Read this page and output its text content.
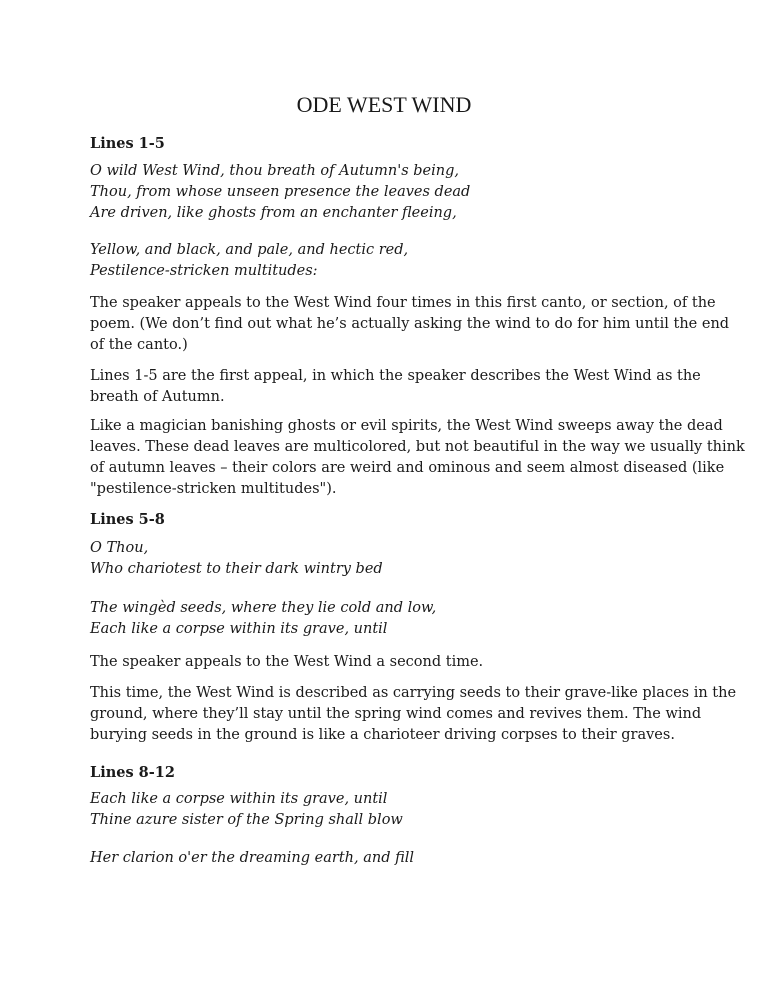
ODE WEST WIND
Lines 1-5
O wild West Wind, thou breath of Autumn's being,
Thou, from whose unseen presence the leaves dead
Are driven, like ghosts from an enchanter fleeing,
Yellow, and black, and pale, and hectic red,
Pestilence-stricken multitudes:
The speaker appeals to the West Wind four times in this first canto, or section, of the
poem. (We don’t find out what he’s actually asking the wind to do for him until the end
of the canto.)
Lines 1-5 are the first appeal, in which the speaker describes the West Wind as the
breath of Autumn.
Like a magician banishing ghosts or evil spirits, the West Wind sweeps away the dead
leaves. These dead leaves are multicolored, but not beautiful in the way we usually think
of autumn leaves – their colors are weird and ominous and seem almost diseased (like
"pestilence-stricken multitudes").
Lines 5-8
O Thou,
Who chariotest to their dark wintry bed
The wingèd seeds, where they lie cold and low,
Each like a corpse within its grave, until
The speaker appeals to the West Wind a second time.
This time, the West Wind is described as carrying seeds to their grave-like places in the
ground, where they’ll stay until the spring wind comes and revives them. The wind
burying seeds in the ground is like a charioteer driving corpses to their graves.
Lines 8-12
Each like a corpse within its grave, until
Thine azure sister of the Spring shall blow
Her clarion o'er the dreaming earth, and fill
